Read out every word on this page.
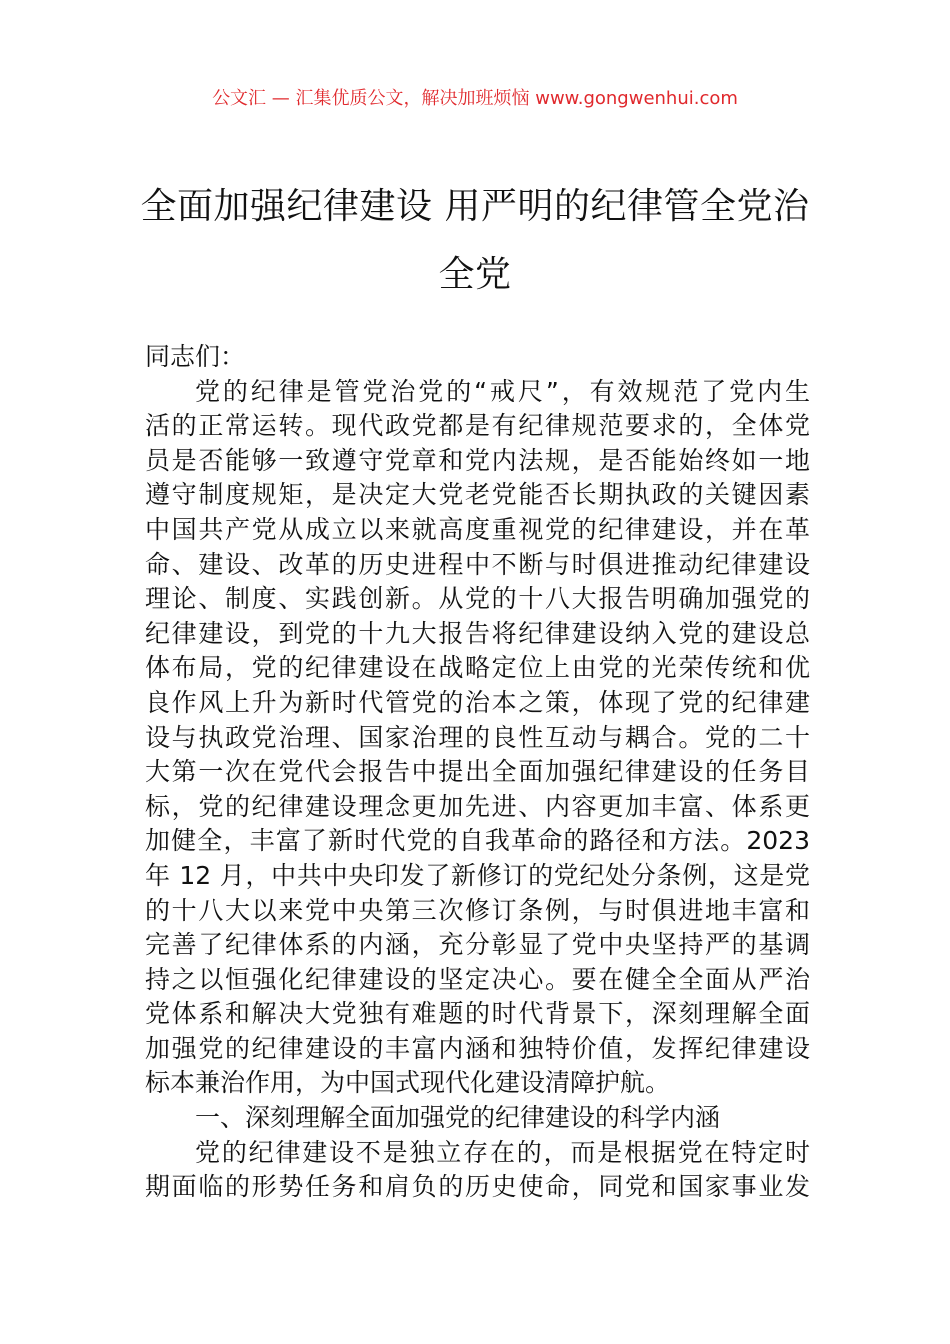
公文汇 — 汇集优质公文，解决加班烦恼 www.gongwenhui.com
全面加强纪律建设 用严明的纪律管全党治
全党
同志们：
党的纪律是管党治党的“戒尺”，有效规范了党内生
活的正常运转。现代政党都是有纪律规范要求的，全体党
员是否能够一致遵守党章和党内法规，是否能始终如一地
遵守制度规矩，是决定大党老党能否长期执政的关键因素
中国共产党从成立以来就高度重视党的纪律建设，并在革
命、建设、改革的历史进程中不断与时俱进推动纪律建设
理论、制度、实践创新。从党的十八大报告明确加强党的
纪律建设，到党的十九大报告将纪律建设纳入党的建设总
体布局，党的纪律建设在战略定位上由党的光荣传统和优
良作风上升为新时代管党的治本之策，体现了党的纪律建
设与执政党治理、国家治理的良性互动与耦合。党的二十
大第一次在党代会报告中提出全面加强纪律建设的任务目
标，党的纪律建设理念更加先进、内容更加丰富、体系更
加健全，丰富了新时代党的自我革命的路径和方法。2023
年 12 月，中共中央印发了新修订的党纪处分条例，这是党
的十八大以来党中央第三次修订条例，与时俱进地丰富和
完善了纪律体系的内涵，充分彰显了党中央坚持严的基调
持之以恒强化纪律建设的坚定决心。要在健全全面从严治
党体系和解决大党独有难题的时代背景下，深刻理解全面
加强党的纪律建设的丰富内涵和独特价值，发挥纪律建设
标本兼治作用，为中国式现代化建设清障护航。
一、深刻理解全面加强党的纪律建设的科学内涵
党的纪律建设不是独立存在的，而是根据党在特定时
期面临的形势任务和肩负的历史使命，同党和国家事业发
